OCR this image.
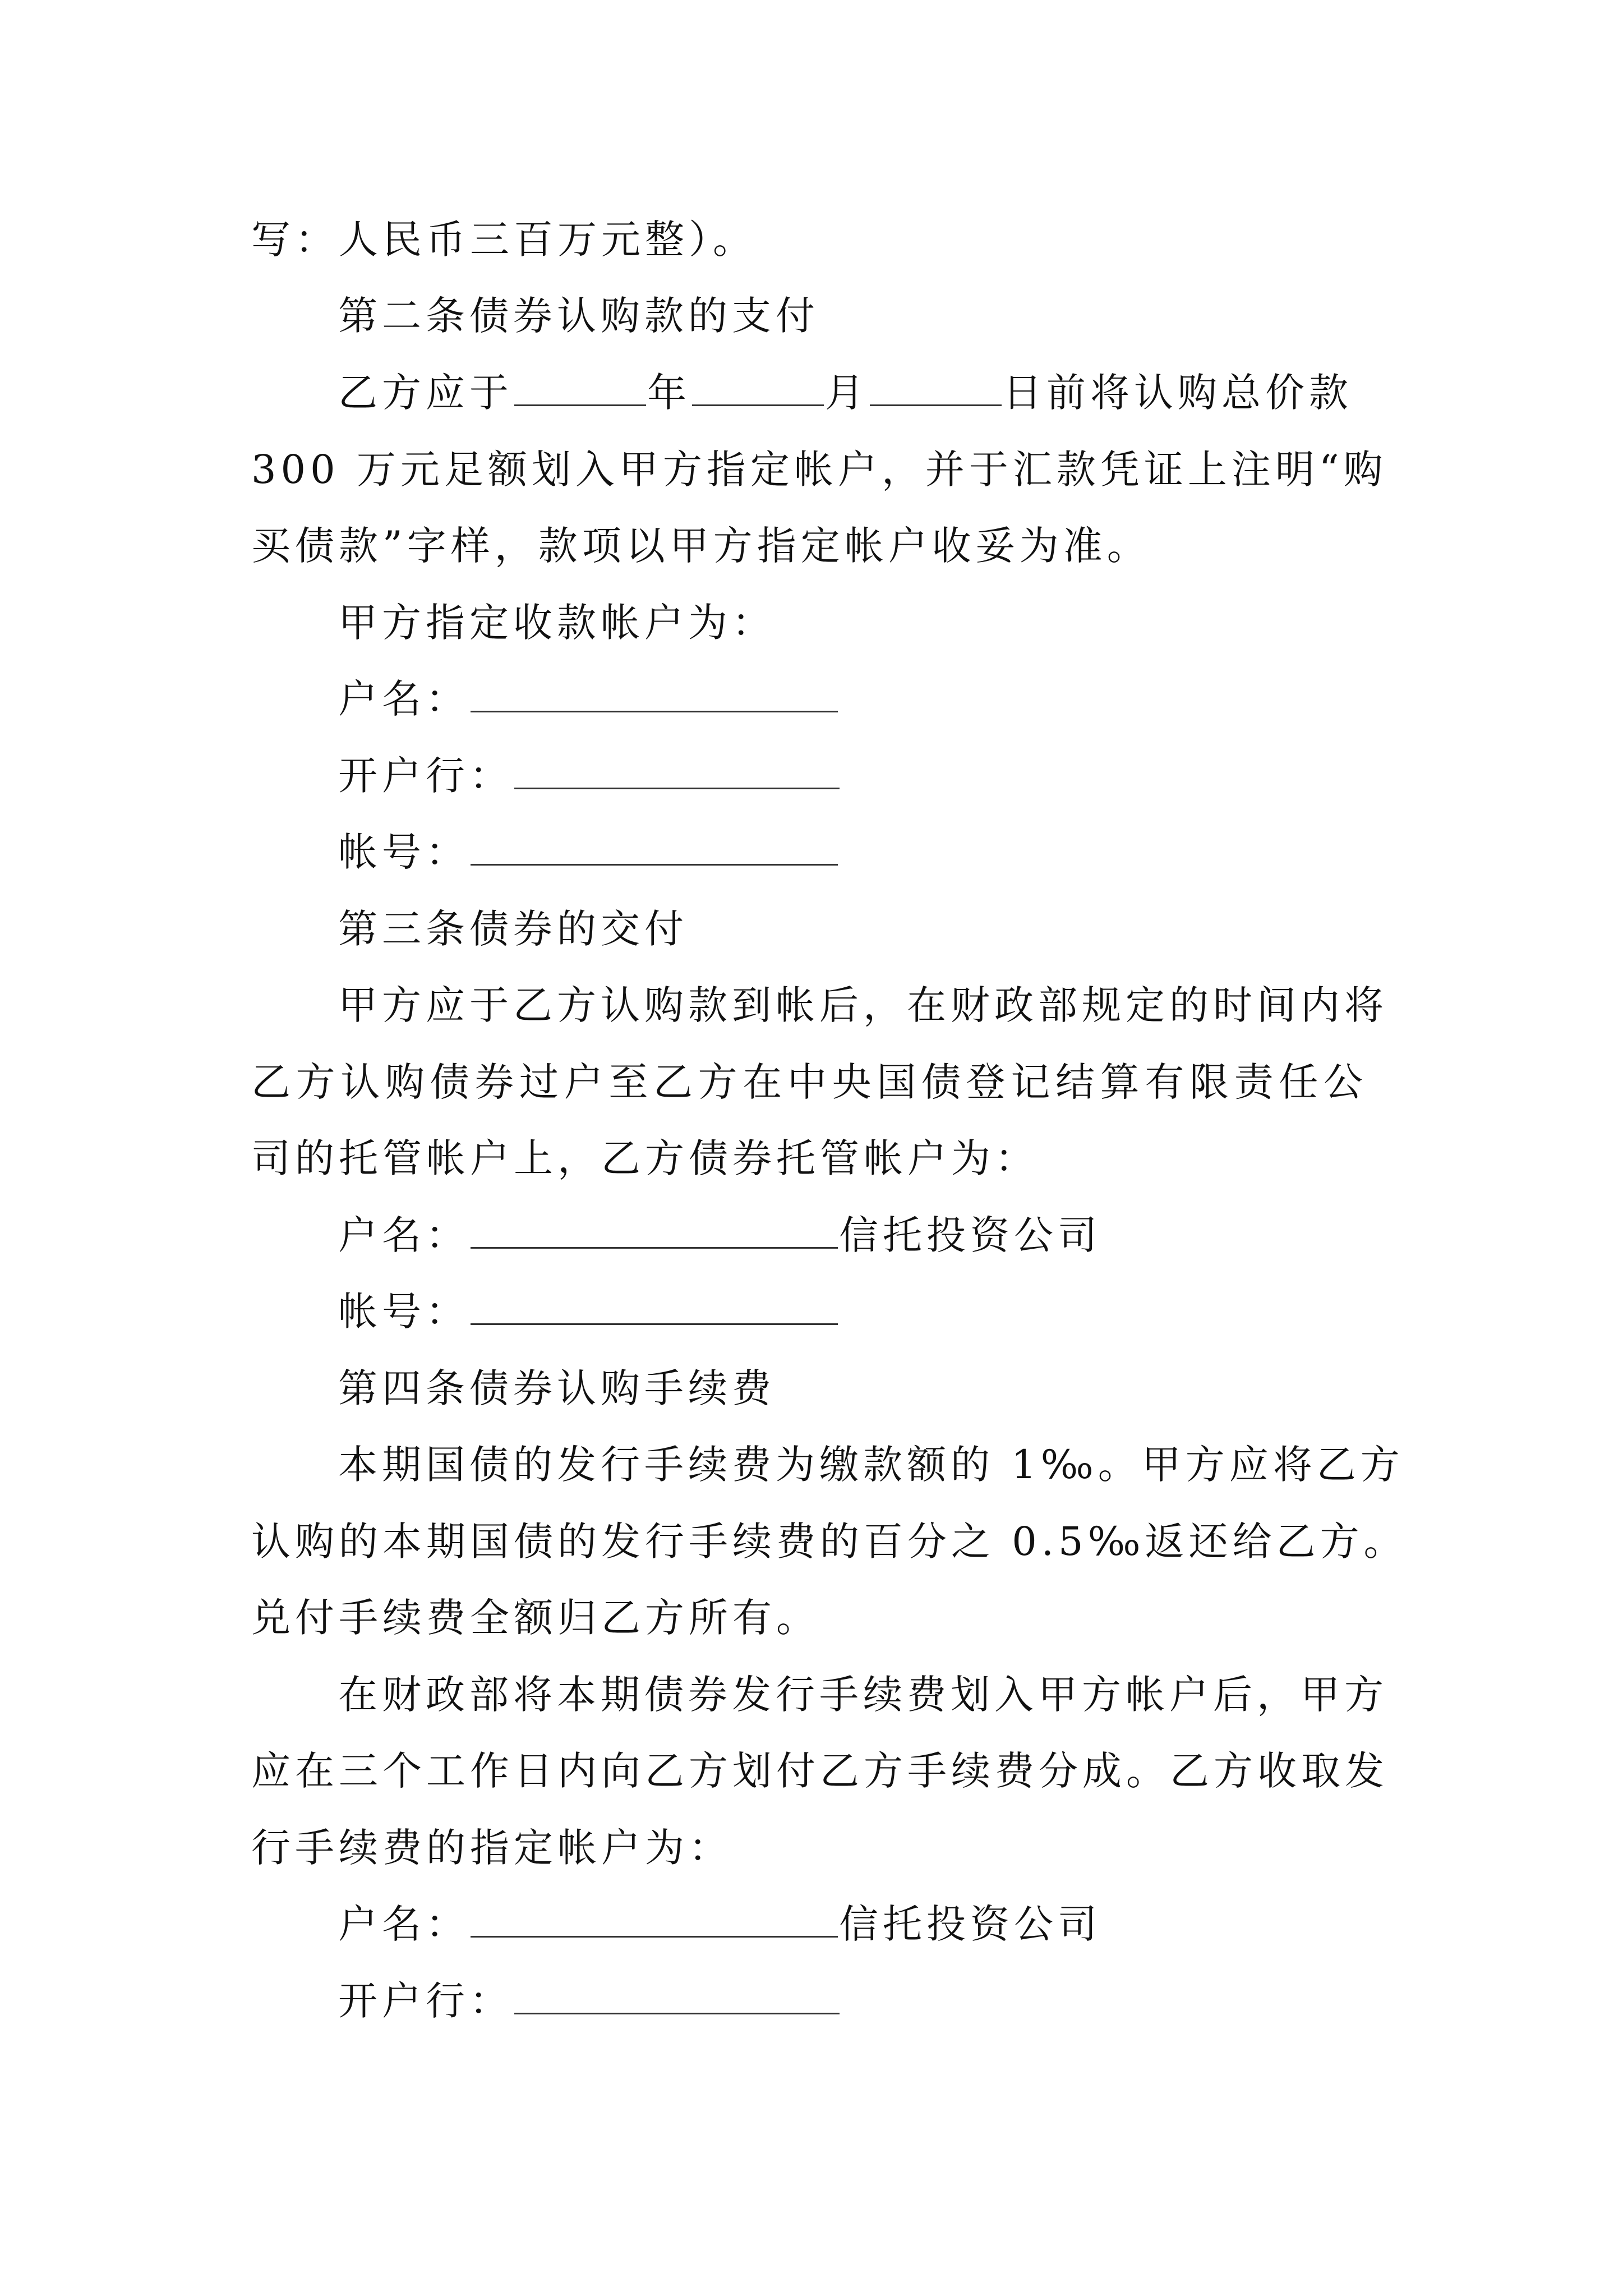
写：人民币三百万元整）。
第二条债券认购款的支付
乙方应于	年	月	日前将认购总价款
300 万元足额划入甲方指定帐户，并于汇款凭证上注明“购
买债款”字样，款项以甲方指定帐户收妥为准。
甲方指定收款帐户为：
户名：
开户行：
帐号：
第三条债券的交付
甲方应于乙方认购款到帐后，在财政部规定的时间内将
乙方认购债券过户至乙方在中央国债登记结算有限责任公
司的托管帐户上，乙方债券托管帐户为：
户名：	信托投资公司
帐号：
第四条债券认购手续费
本期国债的发行手续费为缴款额的 1‰。甲方应将乙方
认购的本期国债的发行手续费的百分之 0.5‰返还给乙方。
兑付手续费全额归乙方所有。
在财政部将本期债券发行手续费划入甲方帐户后，甲方
应在三个工作日内向乙方划付乙方手续费分成。乙方收取发
行手续费的指定帐户为：
户名：	信托投资公司
开户行：
